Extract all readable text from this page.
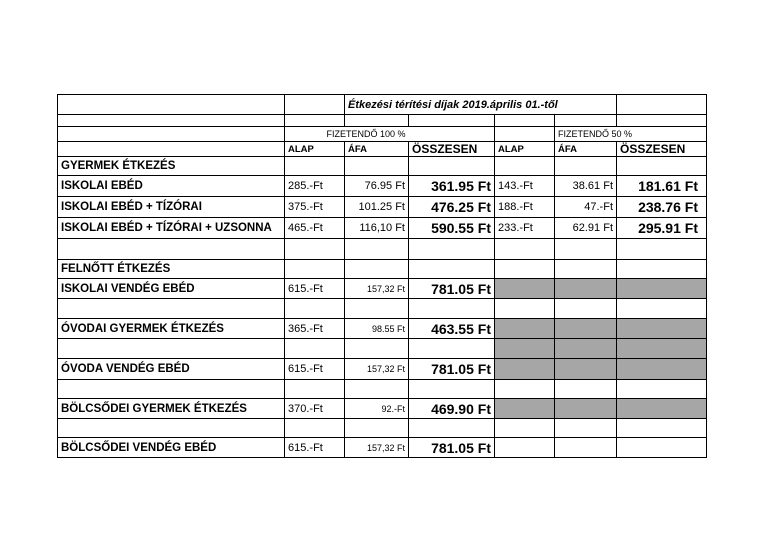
		Étkezési térítési díjak 2019.április 01.-től				

	FIZETENDŐ 100 %				FIZETENDŐ 50 %	
	ALAP	ÁFA	ÖSSZESEN	ALAP	ÁFA	ÖSSZESEN
GYERMEK ÉTKEZÉS						
ISKOLAI EBÉD	285.-Ft	76.95 Ft	361.95 Ft	143.-Ft	38.61 Ft	181.61 Ft
ISKOLAI EBÉD + TÍZÓRAI	375.-Ft	101.25 Ft	476.25 Ft	188.-Ft	47.-Ft	238.76 Ft
ISKOLAI EBÉD + TÍZÓRAI + UZSONNA	465.-Ft	116,10 Ft	590.55 Ft	233.-Ft	62.91 Ft	295.91 Ft

FELNŐTT ÉTKEZÉS						
ISKOLAI VENDÉG EBÉD	615.-Ft	157,32 Ft	781.05 Ft			

ÓVODAI GYERMEK ÉTKEZÉS	365.-Ft	98.55 Ft	463.55 Ft			

ÓVODA VENDÉG EBÉD	615.-Ft	157,32 Ft	781.05 Ft			

BÖLCSŐDEI GYERMEK ÉTKEZÉS	370.-Ft	92.-Ft	469.90 Ft			

BÖLCSŐDEI VENDÉG EBÉD	615.-Ft	157,32 Ft	781.05 Ft			
